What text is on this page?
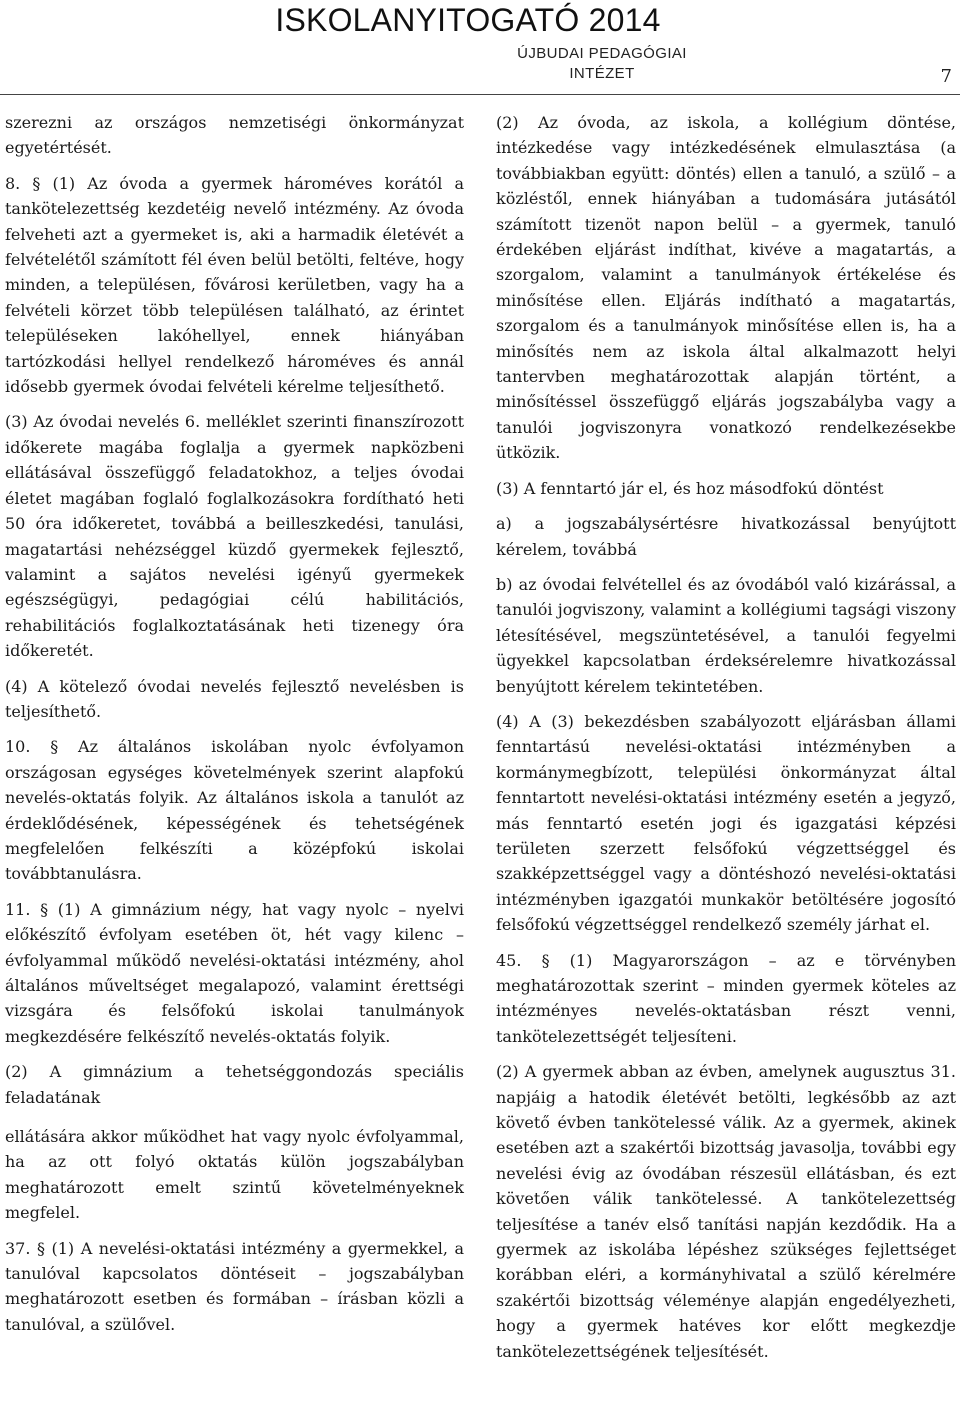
ISKOLANYITOGATÓ 2014
ÚJBUDAI PEDAGÓGIAI INTÉZET	7

szerezni az országos nemzetiségi önkormányzat egyetértését.

8. § (1) Az óvoda a gyermek hároméves korától a tankötelezettség kezdetéig nevelő intézmény. Az óvoda felveheti azt a gyermeket is, aki a harmadik életévét a felvételétől számított fél éven belül betölti, feltéve, hogy minden, a településen, fővárosi kerületben, vagy ha a felvételi körzet több településen található, az érintet településeken lakóhellyel, ennek hiányában tartózkodási hellyel rendelkező hároméves és annál idősebb gyermek óvodai felvételi kérelme teljesíthető.

(3) Az óvodai nevelés 6. melléklet szerinti finanszírozott időkerete magába foglalja a gyermek napközbeni ellátásával összefüggő feladatokhoz, a teljes óvodai életet magában foglaló foglalkozásokra fordítható heti 50 óra időkeretet, továbbá a beilleszkedési, tanulási, magatartási nehézséggel küzdő gyermekek fejlesztő, valamint a sajátos nevelési igényű gyermekek egészségügyi, pedagógiai célú habilitációs, rehabilitációs foglalkoztatásának heti tizenegy óra időkeretét.

(4) A kötelező óvodai nevelés fejlesztő nevelésben is teljesíthető.

10. § Az általános iskolában nyolc évfolyamon országosan egységes követelmények szerint alapfokú nevelés-oktatás folyik. Az általános iskola a tanulót az érdeklődésének, képességének és tehetségének megfelelően felkészíti a középfokú iskolai továbbtanulásra.

11. § (1) A gimnázium négy, hat vagy nyolc – nyelvi előkészítő évfolyam esetében öt, hét vagy kilenc – évfolyammal működő nevelési-oktatási intézmény, ahol általános műveltséget megalapozó, valamint érettségi vizsgára és felsőfokú iskolai tanulmányok megkezdésére felkészítő nevelés-oktatás folyik.

(2) A gimnázium a tehetséggondozás speciális feladatának

ellátására akkor működhet hat vagy nyolc évfolyammal, ha az ott folyó oktatás külön jogszabályban meghatározott emelt szintű követelményeknek megfelel.

37. § (1) A nevelési-oktatási intézmény a gyermekkel, a tanulóval kapcsolatos döntéseit – jogszabályban meghatározott esetben és formában – írásban közli a tanulóval, a szülővel.

(2) Az óvoda, az iskola, a kollégium döntése, intézkedése vagy intézkedésének elmulasztása (a továbbiakban együtt: döntés) ellen a tanuló, a szülő – a közléstől, ennek hiányában a tudomására jutásától számított tizenöt napon belül – a gyermek, tanuló érdekében eljárást indíthat, kivéve a magatartás, a szorgalom, valamint a tanulmányok értékelése és minősítése ellen. Eljárás indítható a magatartás, szorgalom és a tanulmányok minősítése ellen is, ha a minősítés nem az iskola által alkalmazott helyi tantervben meghatározottak alapján történt, a minősítéssel összefüggő eljárás jogszabályba vagy a tanulói jogviszonyra vonatkozó rendelkezésekbe ütközik.

(3) A fenntartó jár el, és hoz másodfokú döntést

a) a jogszabálysértésre hivatkozással benyújtott kérelem, továbbá

b) az óvodai felvétellel és az óvodából való kizárással, a tanulói jogviszony, valamint a kollégiumi tagsági viszony létesítésével, megszüntetésével, a tanulói fegyelmi ügyekkel kapcsolatban érdeksérelemre hivatkozással benyújtott kérelem tekintetében.

(4) A (3) bekezdésben szabályozott eljárásban állami fenntartású nevelési-oktatási intézményben a kormánymegbízott, települési önkormányzat által fenntartott nevelési-oktatási intézmény esetén a jegyző, más fenntartó esetén jogi és igazgatási képzési területen szerzett felsőfokú végzettséggel és szakképzettséggel vagy a döntéshozó nevelési-oktatási intézményben igazgatói munkakör betöltésére jogosító felsőfokú végzettséggel rendelkező személy járhat el.

45. § (1) Magyarországon – az e törvényben meghatározottak szerint – minden gyermek köteles az intézményes nevelés-oktatásban részt venni, tankötelezettségét teljesíteni.

(2) A gyermek abban az évben, amelynek augusztus 31. napjáig a hatodik életévét betölti, legkésőbb az azt követő évben tankötelessé válik. Az a gyermek, akinek esetében azt a szakértői bizottság javasolja, további egy nevelési évig az óvodában részesül ellátásban, és ezt követően válik tankötelessé. A tankötelezettség teljesítése a tanév első tanítási napján kezdődik. Ha a gyermek az iskolába lépéshez szükséges fejlettséget korábban eléri, a kormányhivatal a szülő kérelmére szakértői bizottság véleménye alapján engedélyezheti, hogy a gyermek hatéves kor előtt megkezdje tankötelezettségének teljesítését.
